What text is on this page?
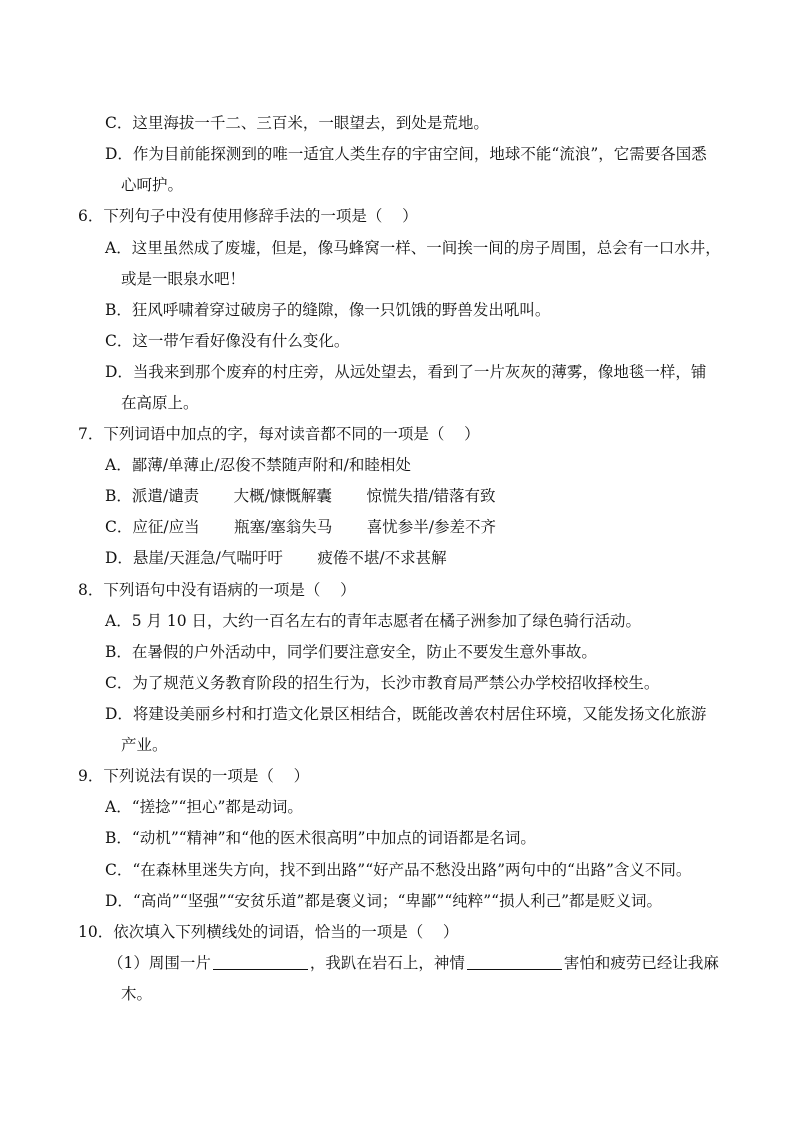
C．这里海拔一千二、三百米，一眼望去，到处是荒地。
D．作为目前能探测到的唯一适宜人类生存的宇宙空间，地球不能“流浪”，它需要各国悉
心呵护。
6．下列句子中没有使用修辞手法的一项是（    ）
A．这里虽然成了废墟，但是，像马蜂窝一样、一间挨一间的房子周围，总会有一口水井，
或是一眼泉水吧！
B．狂风呼啸着穿过破房子的缝隙，像一只饥饿的野兽发出吼叫。
C．这一带乍看好像没有什么变化。
D．当我来到那个废弃的村庄旁，从远处望去，看到了一片灰灰的薄雾，像地毯一样，铺
在高原上。
7．下列词语中加点的字，每对读音都不同的一项是（    ）
A．鄙薄/单薄止/忍俊不禁随声附和/和睦相处
B．派遣/谴责       大概/慷慨解囊       惊慌失措/错落有致
C．应征/应当       瓶塞/塞翁失马       喜忧参半/参差不齐
D．悬崖/天涯急/气喘吁吁       疲倦不堪/不求甚解
8．下列语句中没有语病的一项是（    ）
A．5 月 10 日，大约一百名左右的青年志愿者在橘子洲参加了绿色骑行活动。
B．在暑假的户外活动中，同学们要注意安全，防止不要发生意外事故。
C．为了规范义务教育阶段的招生行为，长沙市教育局严禁公办学校招收择校生。
D．将建设美丽乡村和打造文化景区相结合，既能改善农村居住环境，又能发扬文化旅游
产业。
9．下列说法有误的一项是（    ）
A．“搓捻”“担心”都是动词。
B．“动机”“精神”和“他的医术很高明”中加点的词语都是名词。
C．“在森林里迷失方向，找不到出路”“好产品不愁没出路”两句中的“出路”含义不同。
D．“高尚”“坚强”“安贫乐道”都是褒义词；“卑鄙”“纯粹”“损人利己”都是贬义词。
10．依次填入下列横线处的词语，恰当的一项是（    ）
（1）周围一片	，我趴在岩石上，神情	害怕和疲劳已经让我麻
木。
